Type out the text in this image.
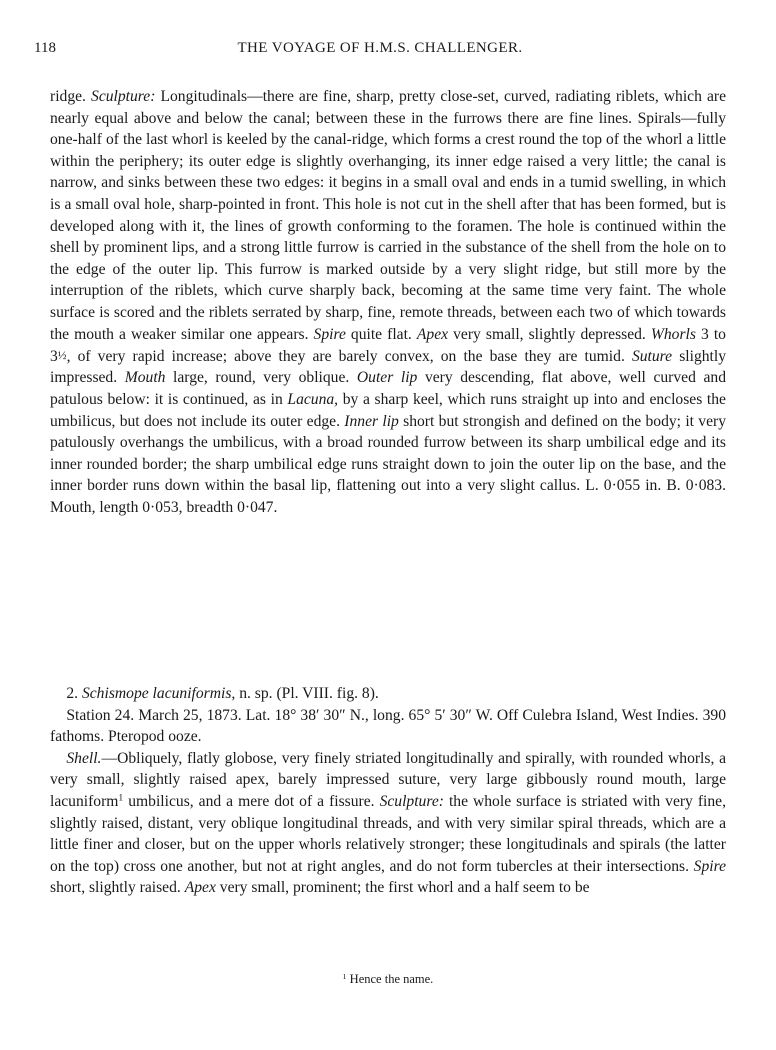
118	THE VOYAGE OF H.M.S. CHALLENGER.

ridge. Sculpture: Longitudinals—there are fine, sharp, pretty close-set, curved, radiating riblets, which are nearly equal above and below the canal; between these in the furrows there are fine lines. Spirals—fully one-half of the last whorl is keeled by the canal-ridge, which forms a crest round the top of the whorl a little within the periphery; its outer edge is slightly overhanging, its inner edge raised a very little; the canal is narrow, and sinks between these two edges: it begins in a small oval and ends in a tumid swelling, in which is a small oval hole, sharp-pointed in front. This hole is not cut in the shell after that has been formed, but is developed along with it, the lines of growth conforming to the foramen. The hole is continued within the shell by prominent lips, and a strong little furrow is carried in the substance of the shell from the hole on to the edge of the outer lip. This furrow is marked outside by a very slight ridge, but still more by the interruption of the riblets, which curve sharply back, becoming at the same time very faint. The whole surface is scored and the riblets serrated by sharp, fine, remote threads, between each two of which towards the mouth a weaker similar one appears. Spire quite flat. Apex very small, slightly depressed. Whorls 3 to 3½, of very rapid increase; above they are barely convex, on the base they are tumid. Suture slightly impressed. Mouth large, round, very oblique. Outer lip very descending, flat above, well curved and patulous below: it is continued, as in Lacuna, by a sharp keel, which runs straight up into and encloses the umbilicus, but does not include its outer edge. Inner lip short but strongish and defined on the body; it very patulously overhangs the umbilicus, with a broad rounded furrow between its sharp umbilical edge and its inner rounded border; the sharp umbilical edge runs straight down to join the outer lip on the base, and the inner border runs down within the basal lip, flattening out into a very slight callus. L. 0·055 in. B. 0·083. Mouth, length 0·053, breadth 0·047.

2. Schismope lacuniformis, n. sp. (Pl. VIII. fig. 8).

Station 24. March 25, 1873. Lat. 18° 38′ 30″ N., long. 65° 5′ 30″ W. Off Culebra Island, West Indies. 390 fathoms. Pteropod ooze.

Shell.—Obliquely, flatly globose, very finely striated longitudinally and spirally, with rounded whorls, a very small, slightly raised apex, barely impressed suture, very large gibbously round mouth, large lacuniform$^1$ umbilicus, and a mere dot of a fissure. Sculpture: the whole surface is striated with very fine, slightly raised, distant, very oblique longitudinal threads, and with very similar spiral threads, which are a little finer and closer, but on the upper whorls relatively stronger; these longitudinals and spirals (the latter on the top) cross one another, but not at right angles, and do not form tubercles at their intersections. Spire short, slightly raised. Apex very small, prominent; the first whorl and a half seem to be

$^1$ Hence the name.
